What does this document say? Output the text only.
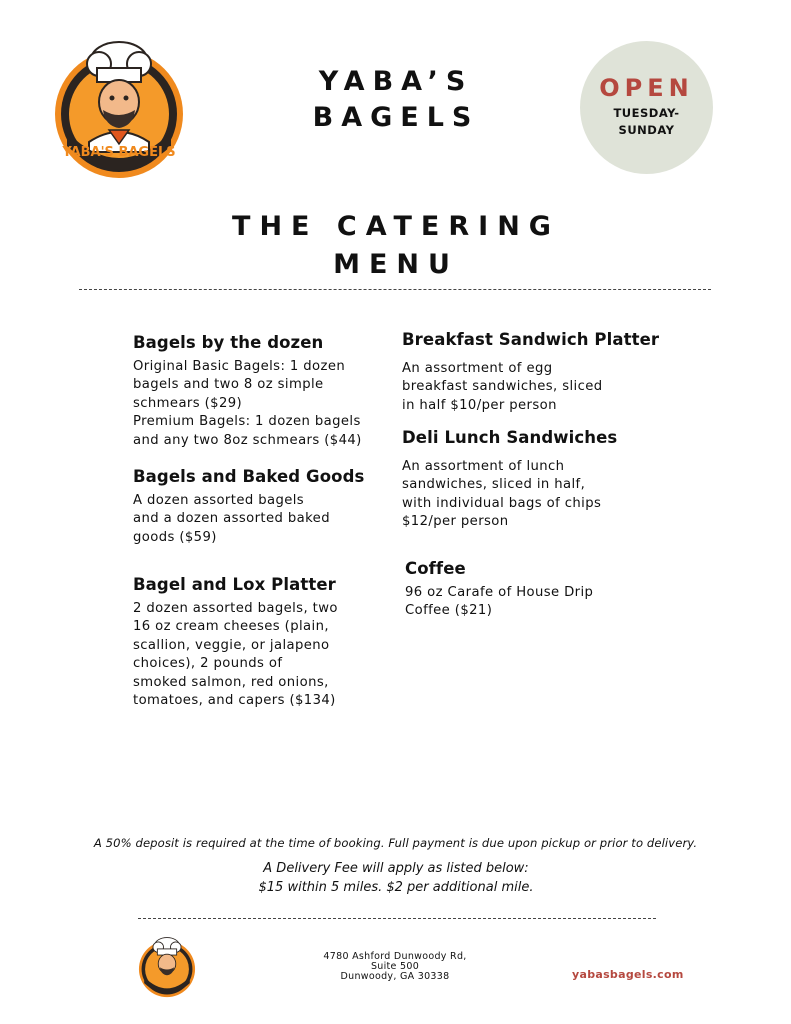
YABA'S BAGELS
YABA’S
BAGELS
OPEN
TUESDAY-
SUNDAY
THE CATERING
MENU
Bagels by the dozen
Original Basic Bagels: 1 dozen
bagels and two 8 oz simple
schmears ($29)
Premium Bagels: 1 dozen bagels
and any two 8oz schmears ($44)
Bagels and Baked Goods
A dozen assorted bagels
and a dozen assorted baked
goods ($59)
Bagel and Lox Platter
2 dozen assorted bagels, two
16 oz cream cheeses (plain,
scallion, veggie, or jalapeno
choices), 2 pounds of
smoked salmon, red onions,
tomatoes, and capers ($134)
Breakfast Sandwich Platter
An assortment of egg
breakfast sandwiches, sliced
in half $10/per person
Deli Lunch Sandwiches
An assortment of lunch
sandwiches, sliced in half,
with individual bags of chips
$12/per person
Coffee
96 oz Carafe of House Drip
Coffee ($21)
A 50% deposit is required at the time of booking. Full payment is due upon pickup or prior to delivery.
A Delivery Fee will apply as listed below:
$15 within 5 miles. $2 per additional mile.
4780 Ashford Dunwoody Rd,
Suite 500
Dunwoody, GA 30338	yabasbagels.com
